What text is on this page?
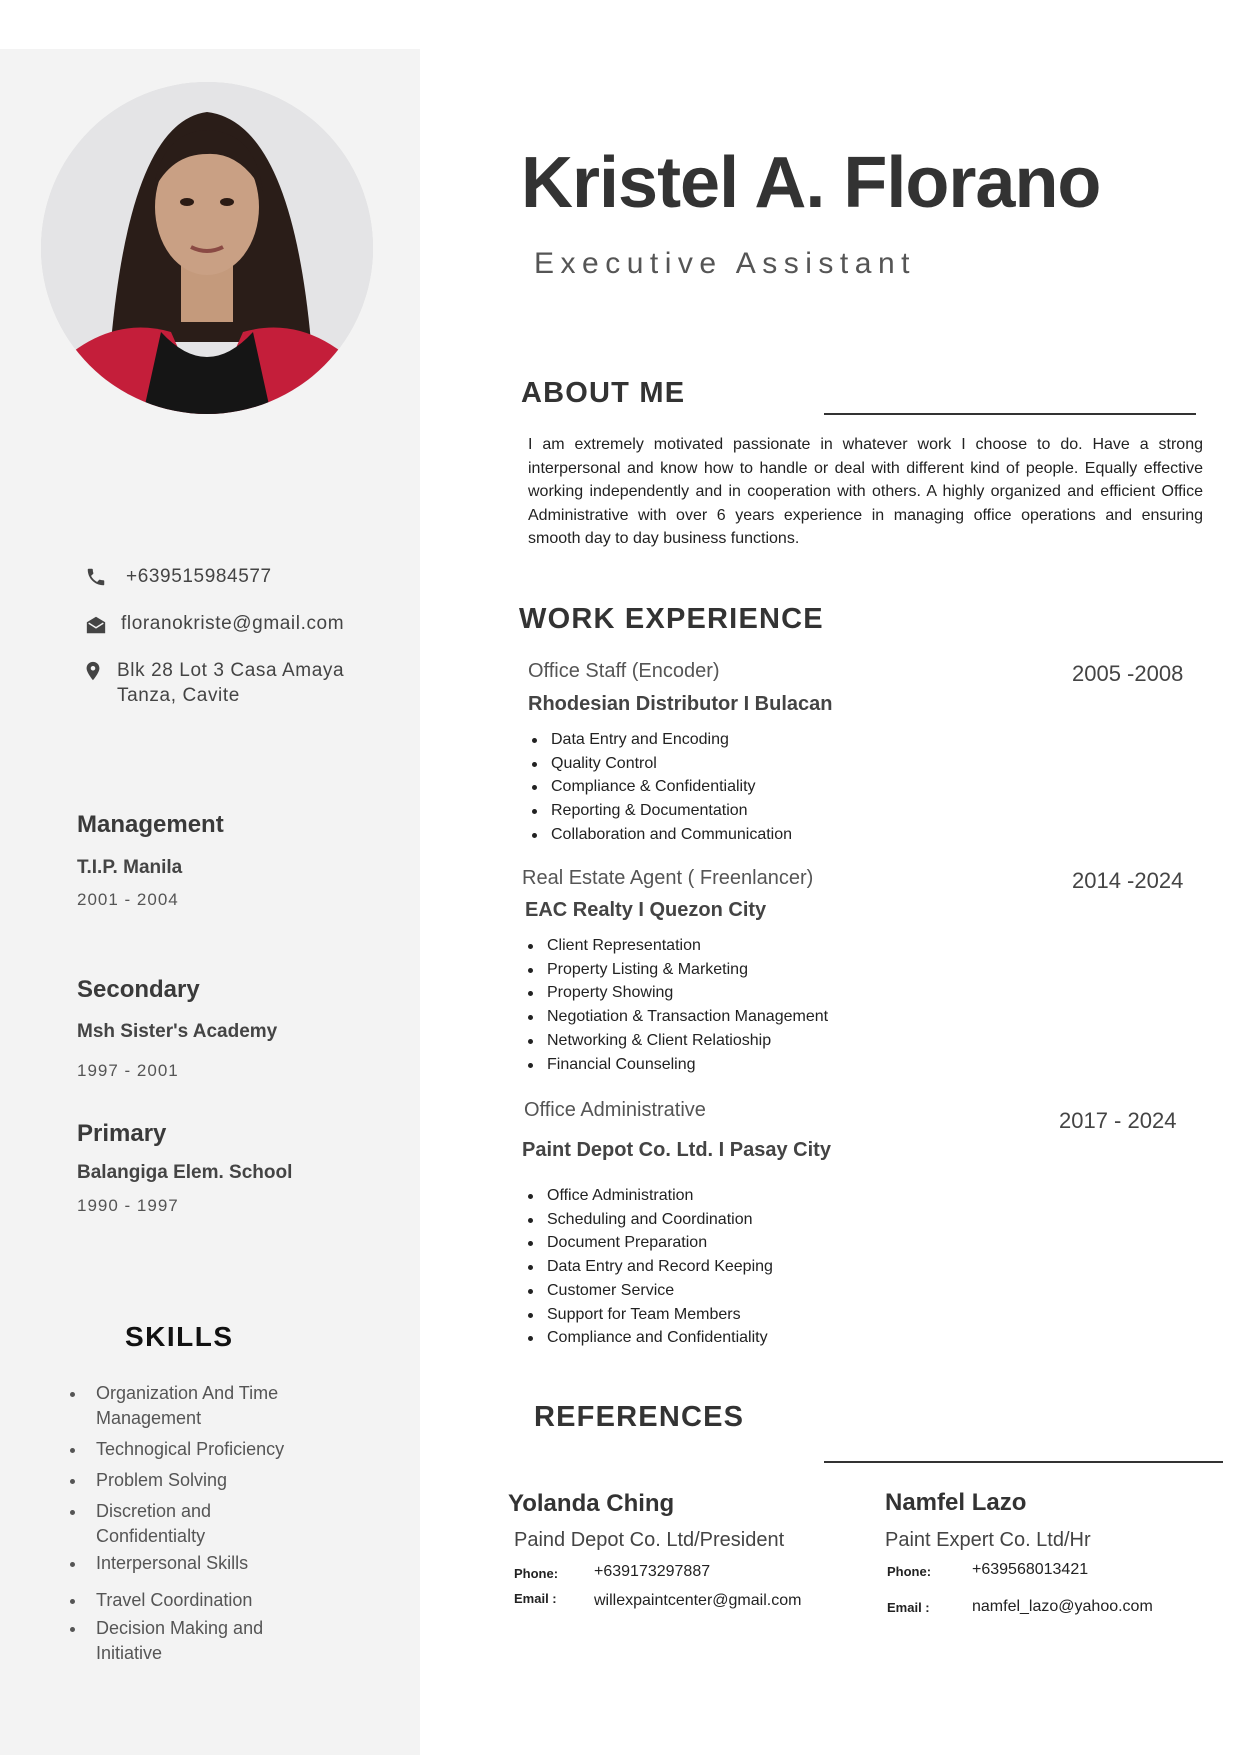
+639515984577
floranokriste@gmail.com
Blk 28 Lot 3 Casa Amaya
Tanza, Cavite
Management
T.I.P. Manila
2001 - 2004
Secondary
Msh Sister's Academy
1997 - 2001
Primary
Balangiga Elem. School
1990 - 1997
SKILLS
Organization And Time
Management
Technogical Proficiency
Problem Solving
Discretion and
Confidentialty
Interpersonal Skills
Travel Coordination
Decision Making and
Initiative
Kristel A. Florano
Executive Assistant
ABOUT ME
I am extremely motivated passionate in whatever work I choose to do. Have a strong interpersonal and know how to handle or deal with different kind of people. Equally effective working independently and in cooperation with others. A highly organized and efficient Office Administrative with over 6 years experience in managing office operations and ensuring smooth day to day business functions.
WORK EXPERIENCE
Office Staff (Encoder)	2005 -2008
Rhodesian Distributor I Bulacan
Data Entry and Encoding
Quality Control
Compliance & Confidentiality
Reporting & Documentation
Collaboration and Communication
Real Estate Agent ( Freenlancer)	2014 -2024
EAC Realty I Quezon City
Client Representation
Property Listing & Marketing
Property Showing
Negotiation & Transaction Management
Networking & Client Relatioship
Financial Counseling
Office Administrative	2017 - 2024
Paint Depot Co. Ltd. I Pasay City
Office Administration
Scheduling and Coordination
Document Preparation
Data Entry and Record Keeping
Customer Service
Support for Team Members
Compliance and Confidentiality
REFERENCES
Yolanda Ching
Paind Depot Co. Ltd/President
Phone: +639173297887
Email : willexpaintcenter@gmail.com
Namfel Lazo
Paint Expert Co. Ltd/Hr
Phone:	+639568013421
Email :	namfel_lazo@yahoo.com
